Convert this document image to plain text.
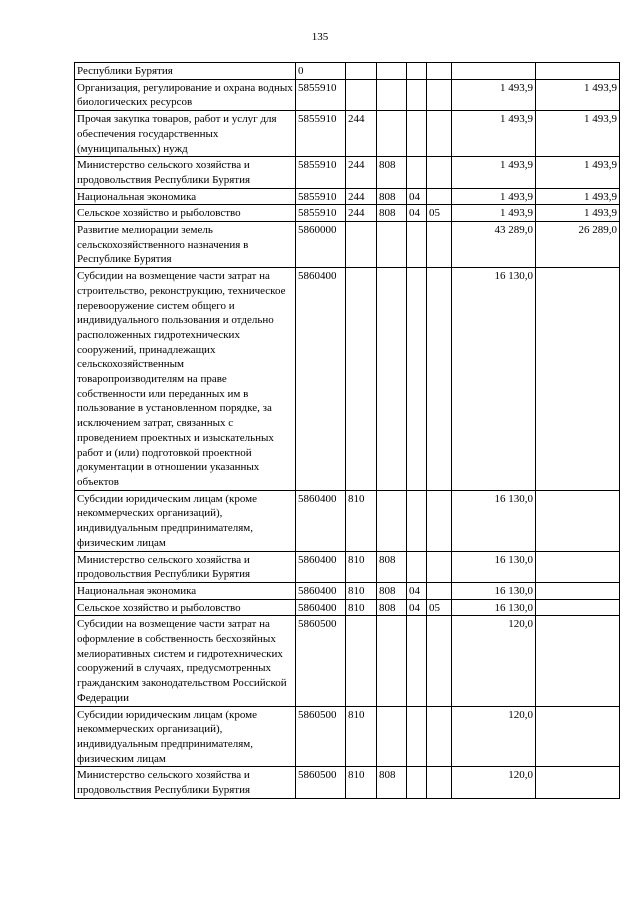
135
Республики Бурятия	0						
Организация, регулирование и охрана водных биологических ресурсов	5855910					1 493,9	1 493,9
Прочая закупка товаров, работ и услуг для обеспечения государственных (муниципальных) нужд	5855910	244				1 493,9	1 493,9
Министерство сельского хозяйства и продовольствия Республики Бурятия	5855910	244	808			1 493,9	1 493,9
Национальная экономика	5855910	244	808	04		1 493,9	1 493,9
Сельское хозяйство и рыболовство	5855910	244	808	04	05	1 493,9	1 493,9
Развитие мелиорации земель сельскохозяйственного назначения в Республике Бурятия	5860000					43 289,0	26 289,0
Субсидии на возмещение части затрат на строительство, реконструкцию, техническое перевооружение систем общего и индивидуального пользования и отдельно расположенных гидротехнических сооружений, принадлежащих сельскохозяйственным товаропроизводителям на праве собственности или переданных им в пользование в установленном порядке, за исключением затрат, связанных с проведением проектных и изыскательных работ и (или) подготовкой проектной документации в отношении указанных объектов	5860400					16 130,0	
Субсидии юридическим лицам (кроме некоммерческих организаций), индивидуальным предпринимателям, физическим лицам	5860400	810				16 130,0	
Министерство сельского хозяйства и продовольствия Республики Бурятия	5860400	810	808			16 130,0	
Национальная экономика	5860400	810	808	04		16 130,0	
Сельское хозяйство и рыболовство	5860400	810	808	04	05	16 130,0	
Субсидии на возмещение части затрат на оформление в собственность бесхозяйных мелиоративных систем и гидротехнических сооружений в случаях, предусмотренных гражданским законодательством Российской Федерации	5860500					120,0	
Субсидии юридическим лицам (кроме некоммерческих организаций), индивидуальным предпринимателям, физическим лицам	5860500	810				120,0	
Министерство сельского хозяйства и продовольствия Республики Бурятия	5860500	810	808			120,0	
